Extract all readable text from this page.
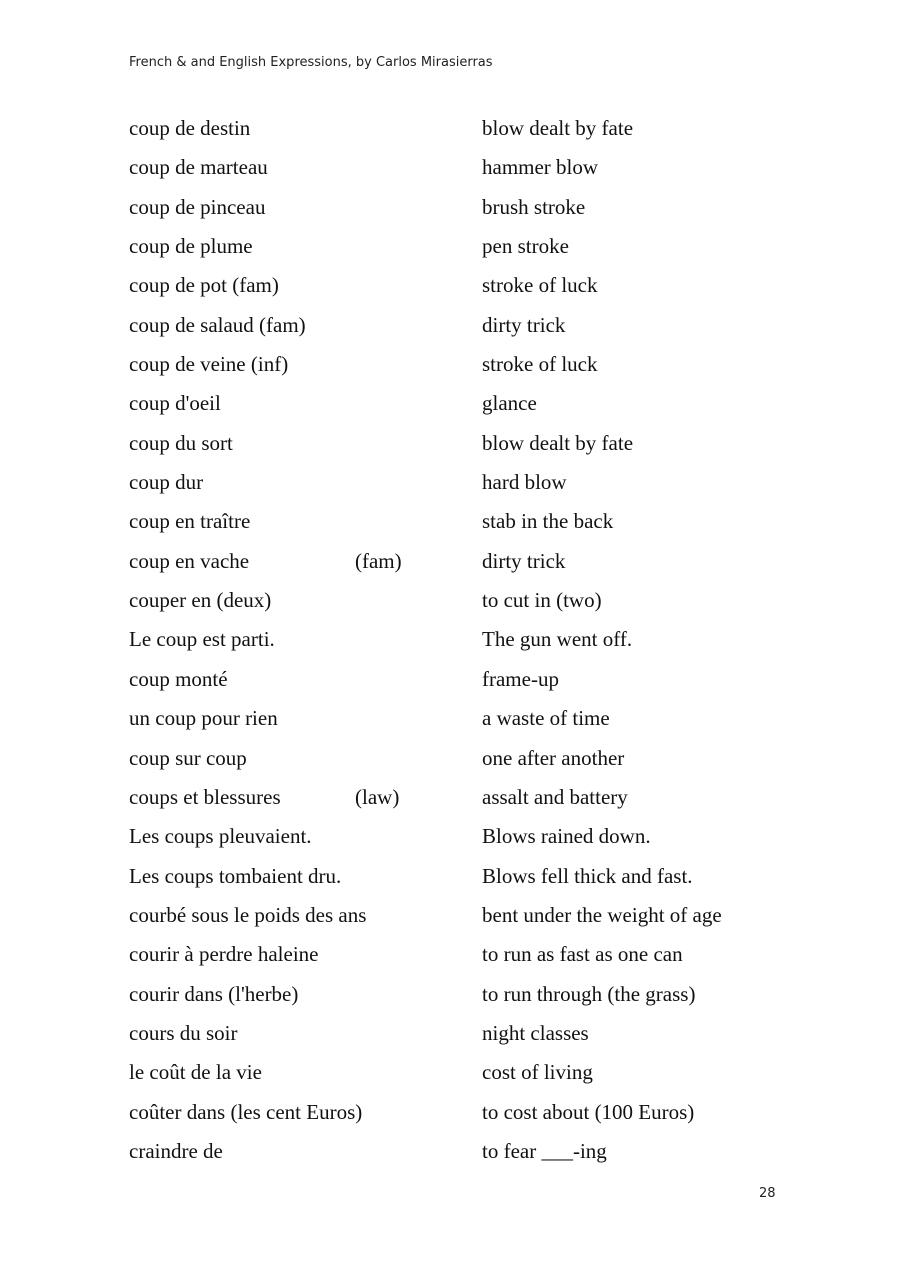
French & and English Expressions, by Carlos Mirasierras
coup de destin	blow dealt by fate
coup de marteau	hammer blow
coup de pinceau	brush stroke
coup de plume	pen stroke
coup de pot (fam)	stroke of luck
coup de salaud (fam)	dirty trick
coup de veine (inf)	stroke of luck
coup d'oeil	glance
coup du sort	blow dealt by fate
coup dur	hard blow
coup en traître	stab in the back
coup en vache	(fam)	dirty trick
couper en (deux)	to cut in (two)
Le coup est parti.	The gun went off.
coup monté	frame-up
un coup pour rien	a waste of time
coup sur coup	one after another
coups et blessures	(law)	assalt and battery
Les coups pleuvaient.	Blows rained down.
Les coups tombaient dru.	Blows fell thick and fast.
courbé sous le poids des ans	bent under the weight of age
courir à perdre haleine	to run as fast as one can
courir dans (l'herbe)	to run through (the grass)
cours du soir	night classes
le coût de la vie	cost of living
coûter dans (les cent Euros)	to cost about (100 Euros)
craindre de	to fear ___-ing
28
